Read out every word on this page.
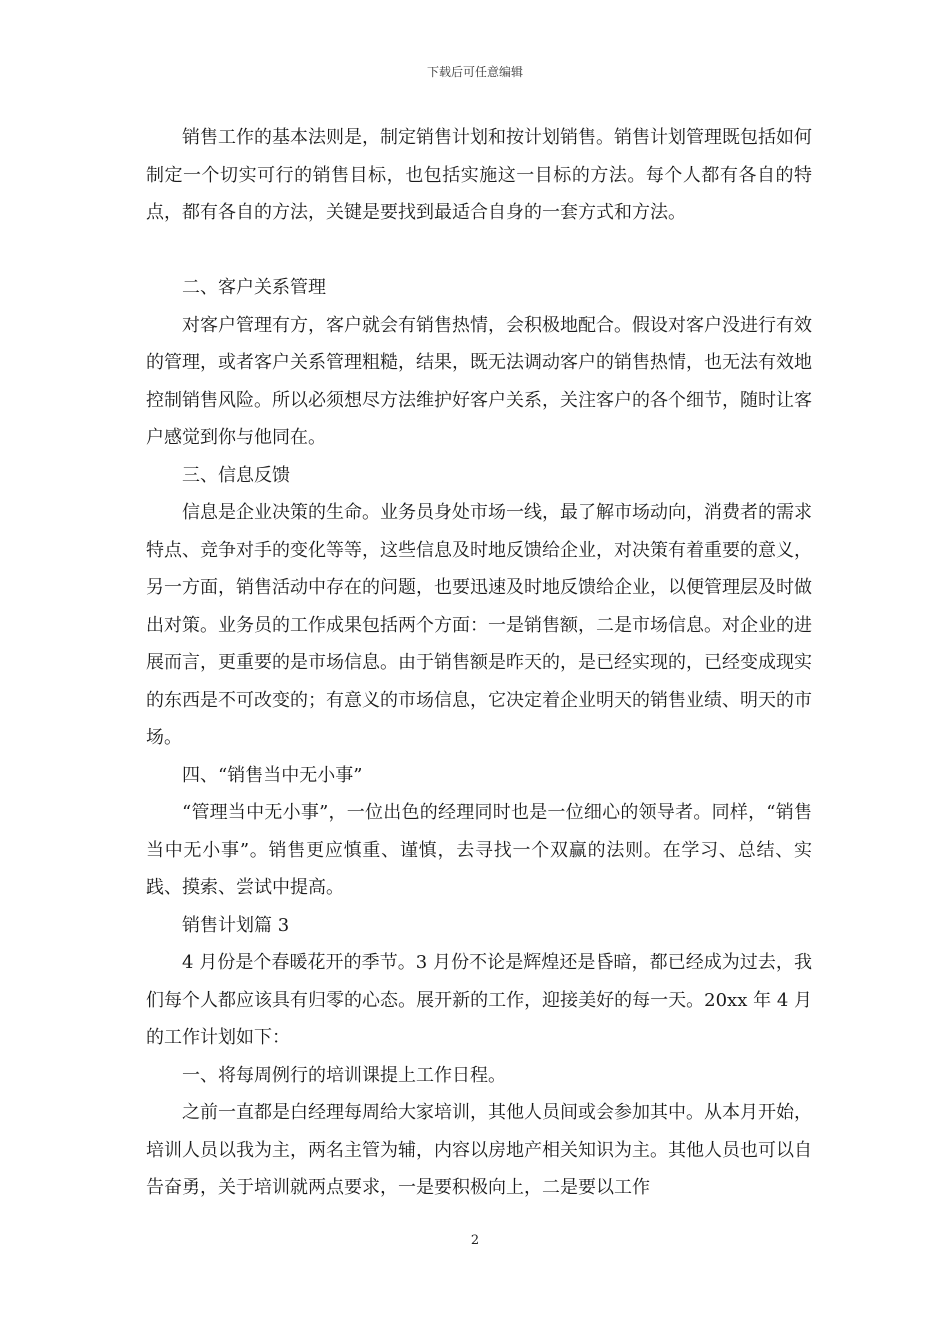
下载后可任意编辑

销售工作的基本法则是，制定销售计划和按计划销售。销售计划管理既包括如何制定一个切实可行的销售目标，也包括实施这一目标的方法。每个人都有各自的特点，都有各自的方法，关键是要找到最适合自身的一套方式和方法。

二、客户关系管理

对客户管理有方，客户就会有销售热情，会积极地配合。假设对客户没进行有效的管理，或者客户关系管理粗糙，结果，既无法调动客户的销售热情，也无法有效地控制销售风险。所以必须想尽方法维护好客户关系，关注客户的各个细节，随时让客户感觉到你与他同在。

三、信息反馈

信息是企业决策的生命。业务员身处市场一线，最了解市场动向，消费者的需求特点、竞争对手的变化等等，这些信息及时地反馈给企业，对决策有着重要的意义，另一方面，销售活动中存在的问题，也要迅速及时地反馈给企业，以便管理层及时做出对策。业务员的工作成果包括两个方面：一是销售额，二是市场信息。对企业的进展而言，更重要的是市场信息。由于销售额是昨天的，是已经实现的，已经变成现实的东西是不可改变的；有意义的市场信息，它决定着企业明天的销售业绩、明天的市场。

四、“销售当中无小事”

“管理当中无小事”，一位出色的经理同时也是一位细心的领导者。同样，“销售当中无小事”。销售更应慎重、谨慎，去寻找一个双赢的法则。在学习、总结、实践、摸索、尝试中提高。

销售计划篇 3

4 月份是个春暖花开的季节。3 月份不论是辉煌还是昏暗，都已经成为过去，我们每个人都应该具有归零的心态。展开新的工作，迎接美好的每一天。20xx 年 4 月的工作计划如下：

一、将每周例行的培训课提上工作日程。

之前一直都是白经理每周给大家培训，其他人员间或会参加其中。从本月开始，培训人员以我为主，两名主管为辅，内容以房地产相关知识为主。其他人员也可以自告奋勇，关于培训就两点要求，一是要积极向上，二是要以工作

2
